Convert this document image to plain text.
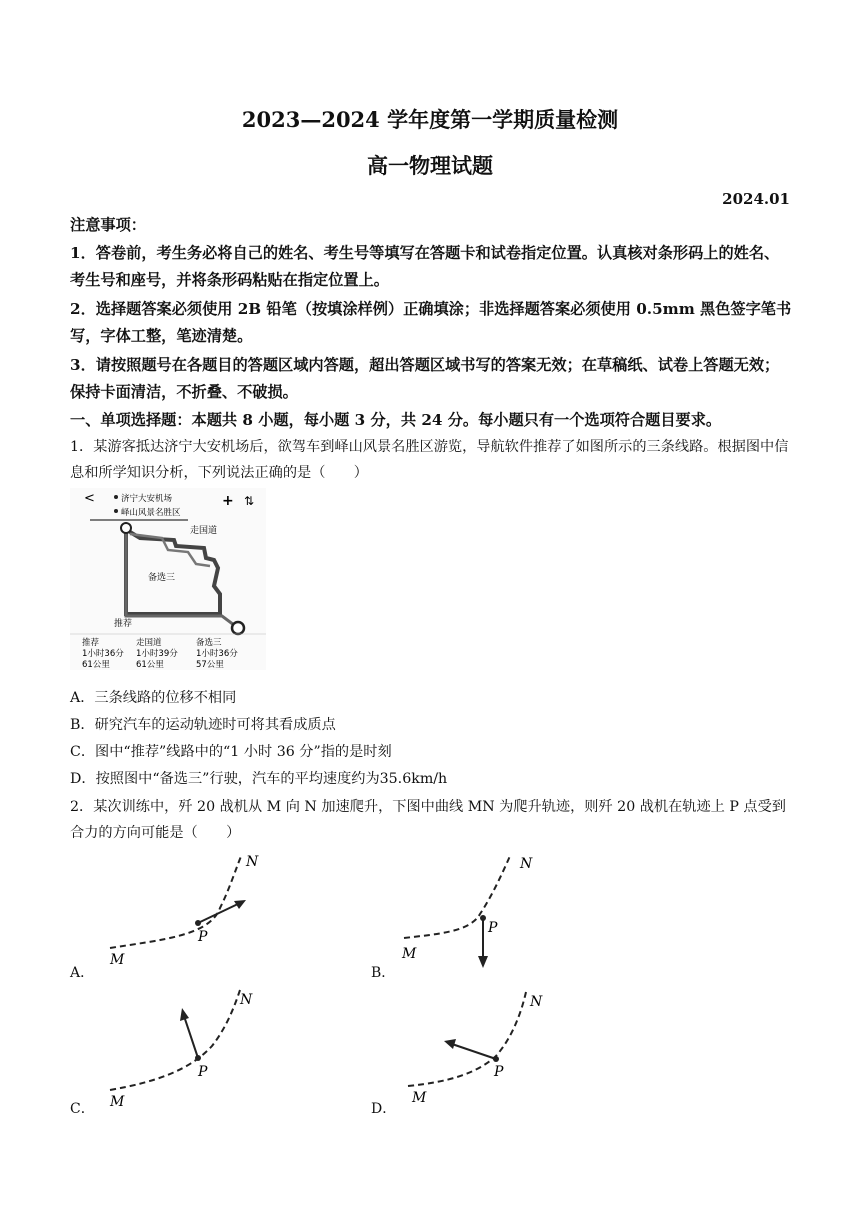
2023—2024 学年度第一学期质量检测
高一物理试题
2024.01
注意事项：
1．答卷前，考生务必将自己的姓名、考生号等填写在答题卡和试卷指定位置。认真核对条形码上的姓名、考生号和座号，并将条形码粘贴在指定位置上。
2．选择题答案必须使用 2B 铅笔（按填涂样例）正确填涂；非选择题答案必须使用 0.5mm 黑色签字笔书写，字体工整，笔迹清楚。
3．请按照题号在各题目的答题区域内答题，超出答题区域书写的答案无效；在草稿纸、试卷上答题无效；保持卡面清洁，不折叠、不破损。
一、单项选择题：本题共 8 小题，每小题 3 分，共 24 分。每小题只有一个选项符合题目要求。
1．某游客抵达济宁大安机场后，欲驾车到峄山风景名胜区游览，导航软件推荐了如图所示的三条线路。根据图中信息和所学知识分析，下列说法正确的是（　　）
<	济宁大安机场
峄山风景名胜区
+ ⇅
走国道
备选三
推荐
推荐
1小时36分
61公里
走国道
1小时39分
61公里
备选三
1小时36分
57公里
A．三条线路的位移不相同
B．研究汽车的运动轨迹时可将其看成质点
C．图中“推荐”线路中的“1 小时 36 分”指的是时刻
D．按照图中“备选三”行驶，汽车的平均速度约为35.6km/h
2．某次训练中，歼 20 战机从 M 向 N 加速爬升，下图中曲线 MN 为爬升轨迹，则歼 20 战机在轨迹上 P 点受到合力的方向可能是（　　）
A．
M
N
P
B．
M
N
P
C． M
N
P
D．
M
N
P
